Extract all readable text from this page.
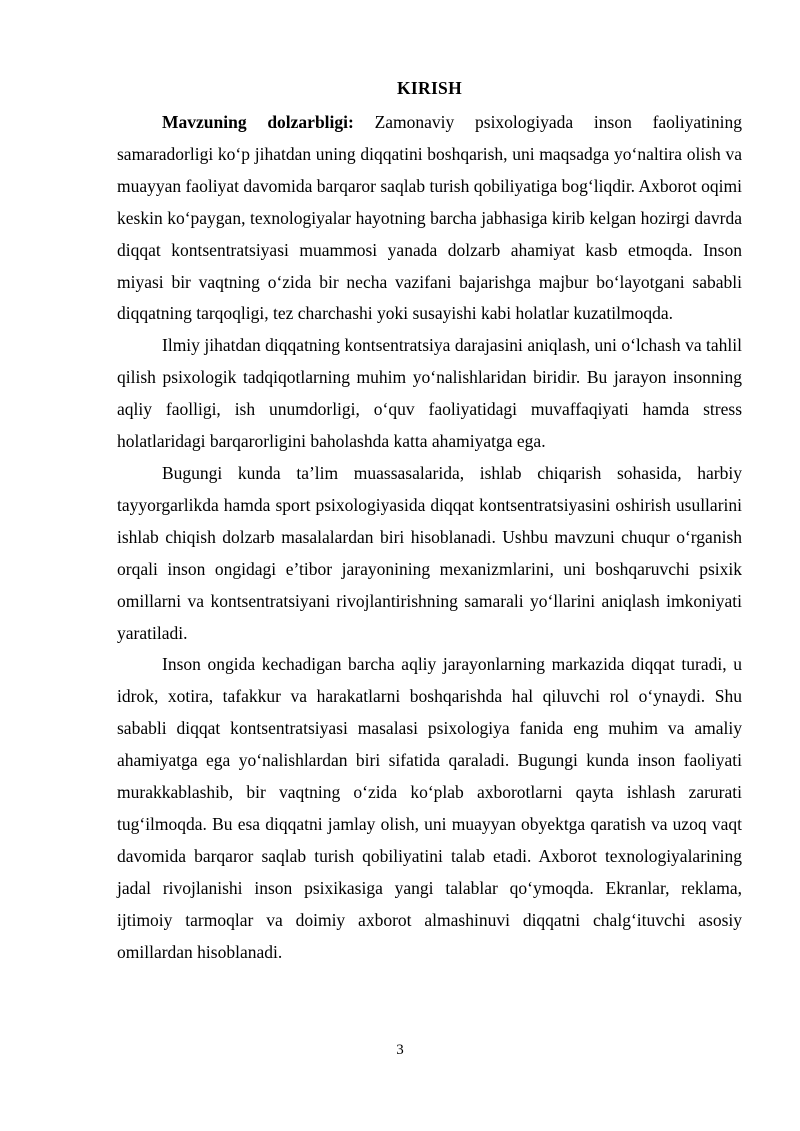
KIRISH

Mavzuning dolzarbligi: Zamonaviy psixologiyada inson faoliyatining samaradorligi ko‘p jihatdan uning diqqatini boshqarish, uni maqsadga yo‘naltira olish va muayyan faoliyat davomida barqaror saqlab turish qobiliyatiga bog‘liqdir. Axborot oqimi keskin ko‘paygan, texnologiyalar hayotning barcha jabhasiga kirib kelgan hozirgi davrda diqqat kontsentratsiyasi muammosi yanada dolzarb ahamiyat kasb etmoqda. Inson miyasi bir vaqtning o‘zida bir necha vazifani bajarishga majbur bo‘layotgani sababli diqqatning tarqoqligi, tez charchashi yoki susayishi kabi holatlar kuzatilmoqda.

Ilmiy jihatdan diqqatning kontsentratsiya darajasini aniqlash, uni o‘lchash va tahlil qilish psixologik tadqiqotlarning muhim yo‘nalishlaridan biridir. Bu jarayon insonning aqliy faolligi, ish unumdorligi, o‘quv faoliyatidagi muvaffaqiyati hamda stress holatlaridagi barqarorligini baholashda katta ahamiyatga ega.

Bugungi kunda ta’lim muassasalarida, ishlab chiqarish sohasida, harbiy tayyorgarlikda hamda sport psixologiyasida diqqat kontsentratsiyasini oshirish usullarini ishlab chiqish dolzarb masalalardan biri hisoblanadi. Ushbu mavzuni chuqur o‘rganish orqali inson ongidagi e’tibor jarayonining mexanizmlarini, uni boshqaruvchi psixik omillarni va kontsentratsiyani rivojlantirishning samarali yo‘llarini aniqlash imkoniyati yaratiladi.

Inson ongida kechadigan barcha aqliy jarayonlarning markazida diqqat turadi, u idrok, xotira, tafakkur va harakatlarni boshqarishda hal qiluvchi rol o‘ynaydi. Shu sababli diqqat kontsentratsiyasi masalasi psixologiya fanida eng muhim va amaliy ahamiyatga ega yo‘nalishlardan biri sifatida qaraladi. Bugungi kunda inson faoliyati murakkablashib, bir vaqtning o‘zida ko‘plab axborotlarni qayta ishlash zarurati tug‘ilmoqda. Bu esa diqqatni jamlay olish, uni muayyan obyektga qaratish va uzoq vaqt davomida barqaror saqlab turish qobiliyatini talab etadi. Axborot texnologiyalarining jadal rivojlanishi inson psixikasiga yangi talablar qo‘ymoqda. Ekranlar, reklama, ijtimoiy tarmoqlar va doimiy axborot almashinuvi diqqatni chalg‘ituvchi asosiy omillardan hisoblanadi.

3
